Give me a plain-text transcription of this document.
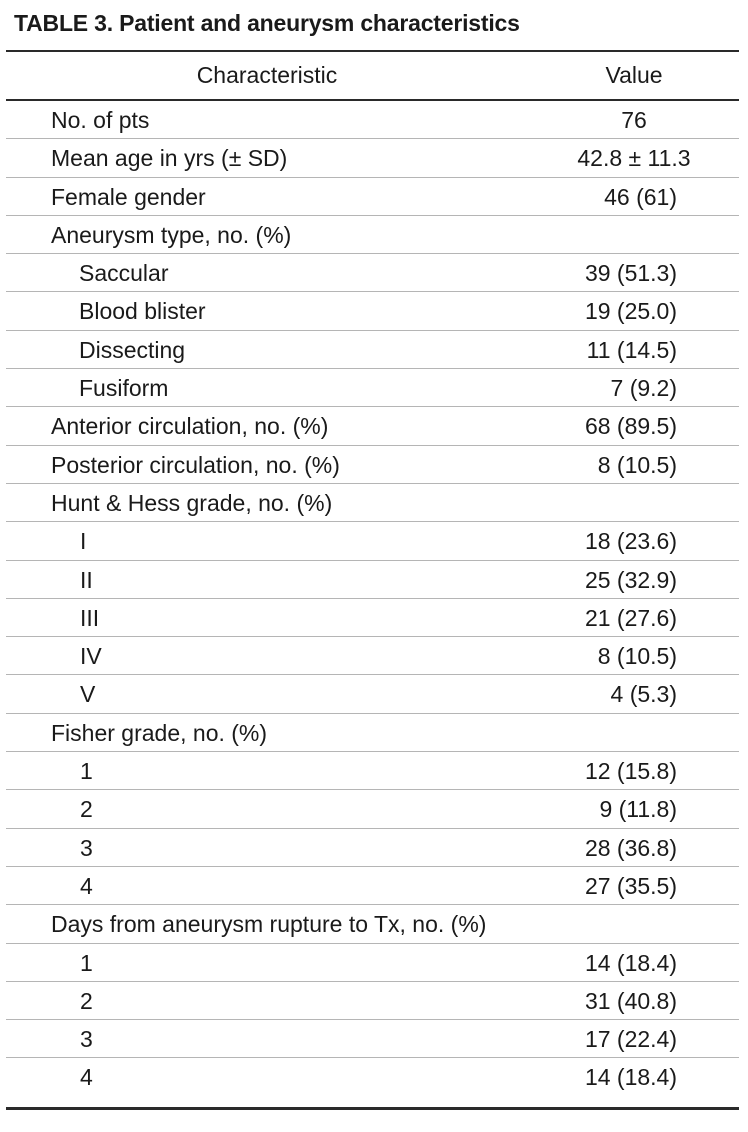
TABLE 3. Patient and aneurysm characteristics
Characteristic	Value
No. of pts	76
Mean age in yrs (± SD)	42.8 ± 11.3
Female gender	46 (61)
Aneurysm type, no. (%)
Saccular	39 (51.3)
Blood blister	19 (25.0)
Dissecting	11 (14.5)
Fusiform	7 (9.2)
Anterior circulation, no. (%)	68 (89.5)
Posterior circulation, no. (%)	8 (10.5)
Hunt & Hess grade, no. (%)
I	18 (23.6)
II	25 (32.9)
III	21 (27.6)
IV	8 (10.5)
V	4 (5.3)
Fisher grade, no. (%)
1	12 (15.8)
2	9 (11.8)
3	28 (36.8)
4	27 (35.5)
Days from aneurysm rupture to Tx, no. (%)
1	14 (18.4)
2	31 (40.8)
3	17 (22.4)
4	14 (18.4)
